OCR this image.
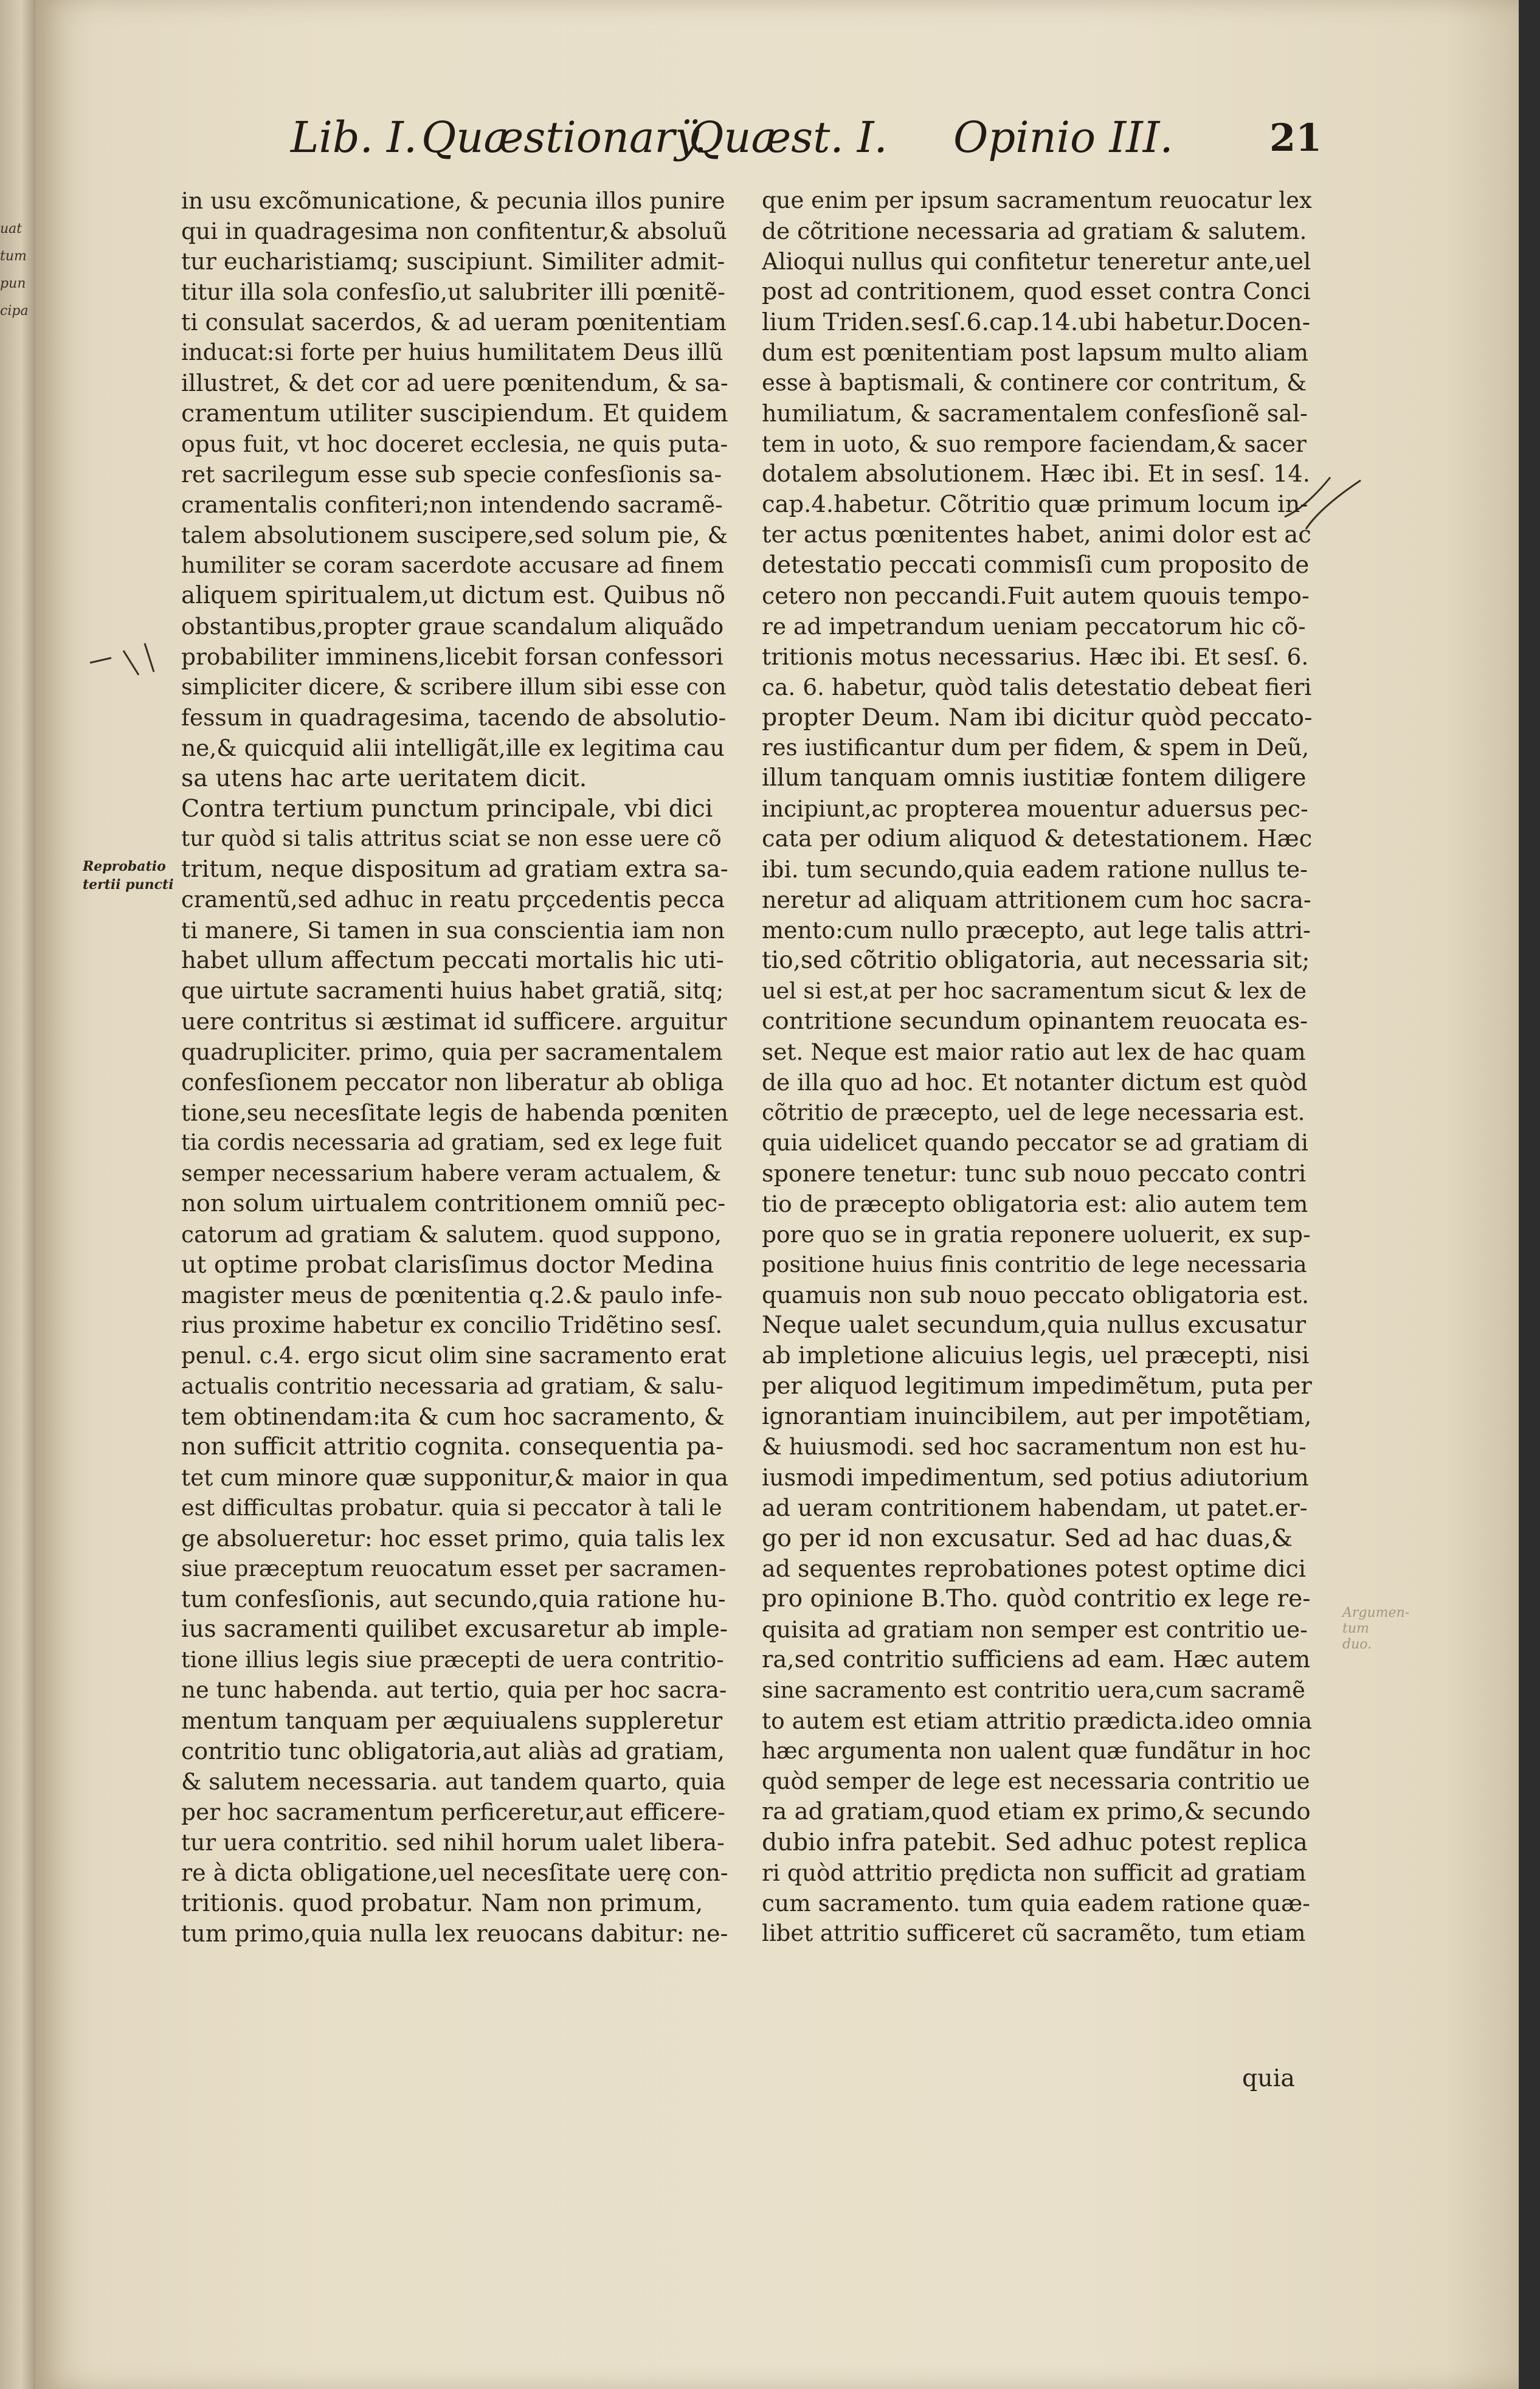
uat
tum
pun
cipa
Lib. I. Quæstionarÿ.
Quæst. I. Opinio III.	21
Reprobatio
tertii puncti
Argumen-
tum
duo.
in usu excõmunicatione, & pecunia illos punire
qui in quadragesima non confitentur,& absoluũ
tur eucharistiamq; suscipiunt. Similiter admit-
titur illa sola confesſio,ut salubriter illi pœnitẽ-
ti consulat sacerdos, & ad ueram pœnitentiam
inducat:si forte per huius humilitatem Deus illũ
illustret, & det cor ad uere pœnitendum, & sa-
cramentum utiliter suscipiendum. Et quidem
opus fuit, vt hoc doceret ecclesia, ne quis puta-
ret sacrilegum esse sub specie confesſionis sa-
cramentalis confiteri;non intendendo sacramẽ-
talem absolutionem suscipere,sed solum pie, &
humiliter se coram sacerdote accusare ad finem
aliquem spiritualem,ut dictum est. Quibus nõ
obstantibus,propter graue scandalum aliquãdo
probabiliter imminens,licebit forsan confessori
simpliciter dicere, & scribere illum sibi esse con
fessum in quadragesima, tacendo de absolutio-
ne,& quicquid alii intelligãt,ille ex legitima cau
sa utens hac arte ueritatem dicit.
Contra tertium punctum principale, vbi dici
tur quòd si talis attritus sciat se non esse uere cõ
tritum, neque dispositum ad gratiam extra sa-
cramentũ,sed adhuc in reatu prçcedentis pecca
ti manere, Si tamen in sua conscientia iam non
habet ullum affectum peccati mortalis hic uti-
que uirtute sacramenti huius habet gratiã, sitq;
uere contritus si æstimat id sufficere. arguitur
quadrupliciter. primo, quia per sacramentalem
confesſionem peccator non liberatur ab obliga
tione,seu necesſitate legis de habenda pœniten
tia cordis necessaria ad gratiam, sed ex lege fuit
semper necessarium habere veram actualem, &
non solum uirtualem contritionem omniũ pec-
catorum ad gratiam & salutem. quod suppono,
ut optime probat clarisſimus doctor Medina
magister meus de pœnitentia q.2.& paulo infe-
rius proxime habetur ex concilio Tridẽtino sesſ.
penul. c.4. ergo sicut olim sine sacramento erat
actualis contritio necessaria ad gratiam, & salu-
tem obtinendam:ita & cum hoc sacramento, &
non sufficit attritio cognita. consequentia pa-
tet cum minore quæ supponitur,& maior in qua
est difficultas probatur. quia si peccator à tali le
ge absolueretur: hoc esset primo, quia talis lex
siue præceptum reuocatum esset per sacramen-
tum confesſionis, aut secundo,quia ratione hu-
ius sacramenti quilibet excusaretur ab imple-
tione illius legis siue præcepti de uera contritio-
ne tunc habenda. aut tertio, quia per hoc sacra-
mentum tanquam per æquiualens suppleretur
contritio tunc obligatoria,aut aliàs ad gratiam,
& salutem necessaria. aut tandem quarto, quia
per hoc sacramentum perficeretur,aut efficere-
tur uera contritio. sed nihil horum ualet libera-
re à dicta obligatione,uel necesſitate uerę con-
tritionis. quod probatur. Nam non primum,
tum primo,quia nulla lex reuocans dabitur: ne-
que enim per ipsum sacramentum reuocatur lex
de cõtritione necessaria ad gratiam & salutem.
Alioqui nullus qui confitetur teneretur ante,uel
post ad contritionem, quod esset contra Conci
lium Triden.sesſ.6.cap.14.ubi habetur.Docen-
dum est pœnitentiam post lapsum multo aliam
esse à baptismali, & continere cor contritum, &
humiliatum, & sacramentalem confesſionẽ sal-
tem in uoto, & suo rempore faciendam,& sacer
dotalem absolutionem. Hæc ibi. Et in sesſ. 14.
cap.4.habetur. Cõtritio quæ primum locum in-
ter actus pœnitentes habet, animi dolor est ac
detestatio peccati commisſi cum proposito de
cetero non peccandi.Fuit autem quouis tempo-
re ad impetrandum ueniam peccatorum hic cõ-
tritionis motus necessarius. Hæc ibi. Et sesſ. 6.
ca. 6. habetur, quòd talis detestatio debeat fieri
propter Deum. Nam ibi dicitur quòd peccato-
res iustificantur dum per fidem, & spem in Deũ,
illum tanquam omnis iustitiæ fontem diligere
incipiunt,ac propterea mouentur aduersus pec-
cata per odium aliquod & detestationem. Hæc
ibi. tum secundo,quia eadem ratione nullus te-
neretur ad aliquam attritionem cum hoc sacra-
mento:cum nullo præcepto, aut lege talis attri-
tio,sed cõtritio obligatoria, aut necessaria sit;
uel si est,at per hoc sacramentum sicut & lex de
contritione secundum opinantem reuocata es-
set. Neque est maior ratio aut lex de hac quam
de illa quo ad hoc. Et notanter dictum est quòd
cõtritio de præcepto, uel de lege necessaria est.
quia uidelicet quando peccator se ad gratiam di
sponere tenetur: tunc sub nouo peccato contri
tio de præcepto obligatoria est: alio autem tem
pore quo se in gratia reponere uoluerit, ex sup-
positione huius finis contritio de lege necessaria
quamuis non sub nouo peccato obligatoria est.
Neque ualet secundum,quia nullus excusatur
ab impletione alicuius legis, uel præcepti, nisi
per aliquod legitimum impedimẽtum, puta per
ignorantiam inuincibilem, aut per impotẽtiam,
& huiusmodi. sed hoc sacramentum non est hu-
iusmodi impedimentum, sed potius adiutorium
ad ueram contritionem habendam, ut patet.er-
go per id non excusatur. Sed ad hac duas,&
ad sequentes reprobationes potest optime dici
pro opinione B.Tho. quòd contritio ex lege re-
quisita ad gratiam non semper est contritio ue-
ra,sed contritio sufficiens ad eam. Hæc autem
sine sacramento est contritio uera,cum sacramẽ
to autem est etiam attritio prædicta.ideo omnia
hæc argumenta non ualent quæ fundãtur in hoc
quòd semper de lege est necessaria contritio ue
ra ad gratiam,quod etiam ex primo,& secundo
dubio infra patebit. Sed adhuc potest replica
ri quòd attritio prędicta non sufficit ad gratiam
cum sacramento. tum quia eadem ratione quæ-
libet attritio sufficeret cũ sacramẽto, tum etiam
quia
